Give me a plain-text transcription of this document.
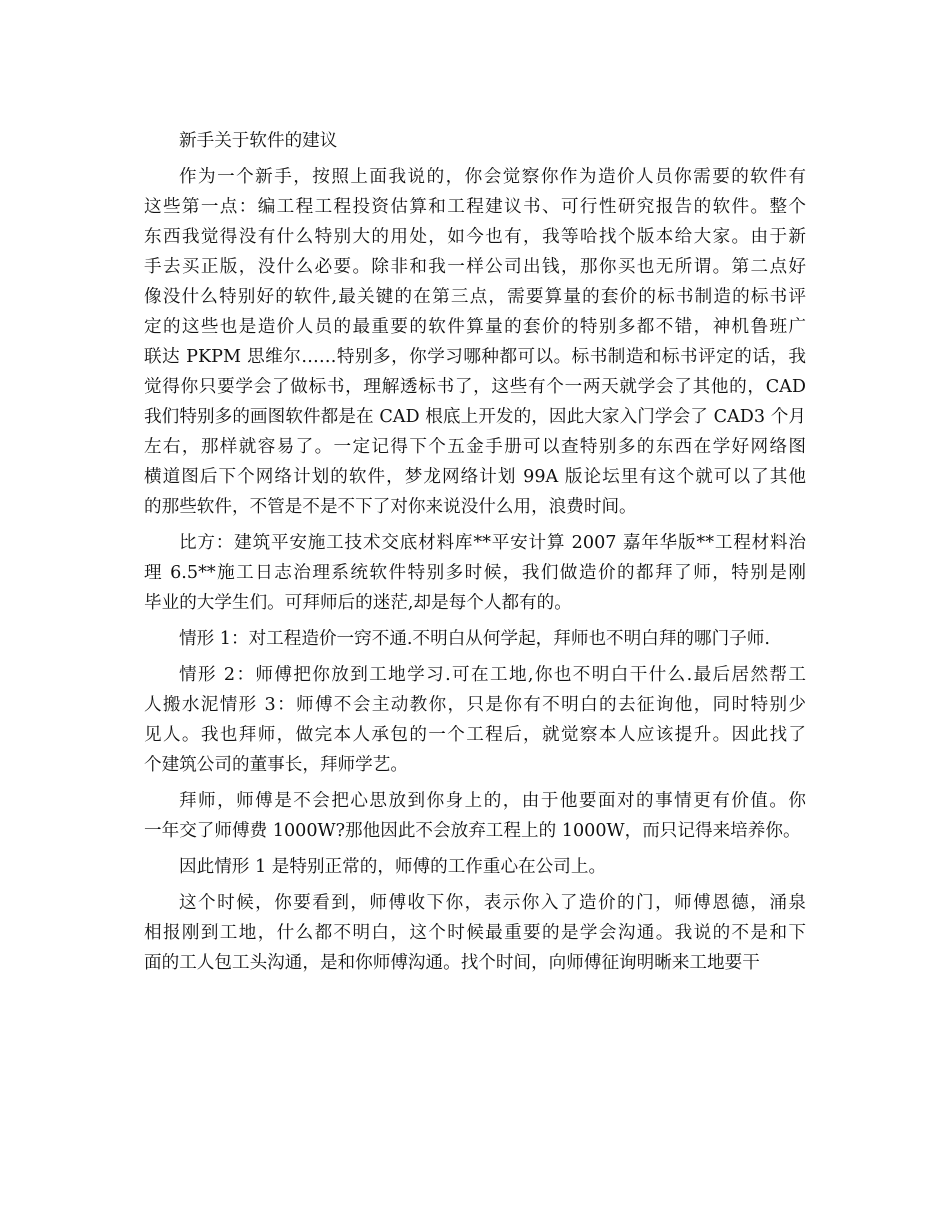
新手关于软件的建议
作为一个新手，按照上面我说的，你会觉察你作为造价人员你需要的软件有
这些第一点：编工程工程投资估算和工程建议书、可行性研究报告的软件。整个
东西我觉得没有什么特别大的用处，如今也有，我等哈找个版本给大家。由于新
手去买正版，没什么必要。除非和我一样公司出钱，那你买也无所谓。第二点好
像没什么特别好的软件,最关键的在第三点，需要算量的套价的标书制造的标书评
定的这些也是造价人员的最重要的软件算量的套价的特别多都不错，神机鲁班广
联达 PKPM 思维尔……特别多，你学习哪种都可以。标书制造和标书评定的话，我
觉得你只要学会了做标书，理解透标书了，这些有个一两天就学会了其他的，CAD
我们特别多的画图软件都是在 CAD 根底上开发的，因此大家入门学会了 CAD3 个月
左右，那样就容易了。一定记得下个五金手册可以查特别多的东西在学好网络图
横道图后下个网络计划的软件，梦龙网络计划 99A 版论坛里有这个就可以了其他
的那些软件，不管是不是不下了对你来说没什么用，浪费时间。
比方：建筑平安施工技术交底材料库**平安计算 2007 嘉年华版**工程材料治
理 6.5**施工日志治理系统软件特别多时候，我们做造价的都拜了师，特别是刚
毕业的大学生们。可拜师后的迷茫,却是每个人都有的。
情形 1：对工程造价一窍不通.不明白从何学起，拜师也不明白拜的哪门子师.
情形 2：师傅把你放到工地学习.可在工地,你也不明白干什么.最后居然帮工
人搬水泥情形 3：师傅不会主动教你，只是你有不明白的去征询他，同时特别少
见人。我也拜师，做完本人承包的一个工程后，就觉察本人应该提升。因此找了
个建筑公司的董事长，拜师学艺。
拜师，师傅是不会把心思放到你身上的，由于他要面对的事情更有价值。你
一年交了师傅费 1000W?那他因此不会放弃工程上的 1000W，而只记得来培养你。
因此情形 1 是特别正常的，师傅的工作重心在公司上。
这个时候，你要看到，师傅收下你，表示你入了造价的门，师傅恩德，涌泉
相报刚到工地，什么都不明白，这个时候最重要的是学会沟通。我说的不是和下
面的工人包工头沟通，是和你师傅沟通。找个时间，向师傅征询明晰来工地要干
